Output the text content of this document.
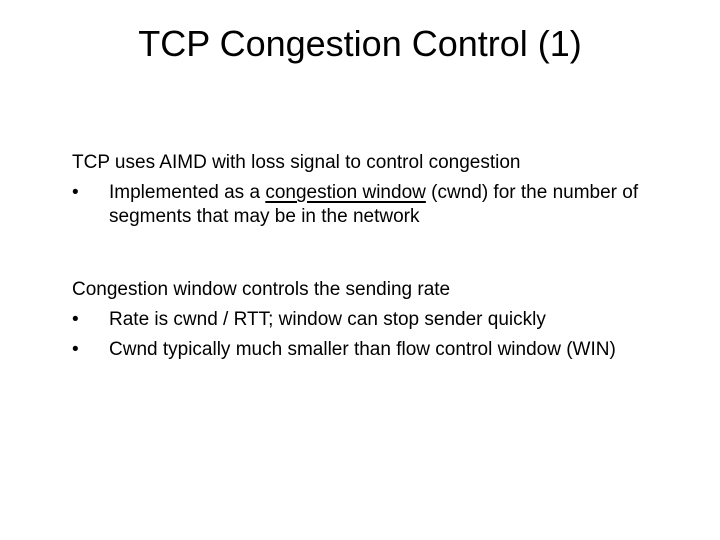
TCP Congestion Control (1)
TCP uses AIMD with loss signal to control congestion
•	Implemented as a congestion window (cwnd) for the number of segments that may be in the network
Congestion window controls the sending rate
•	Rate is cwnd / RTT; window can stop sender quickly
•	Cwnd typically much smaller than flow control window (WIN)
